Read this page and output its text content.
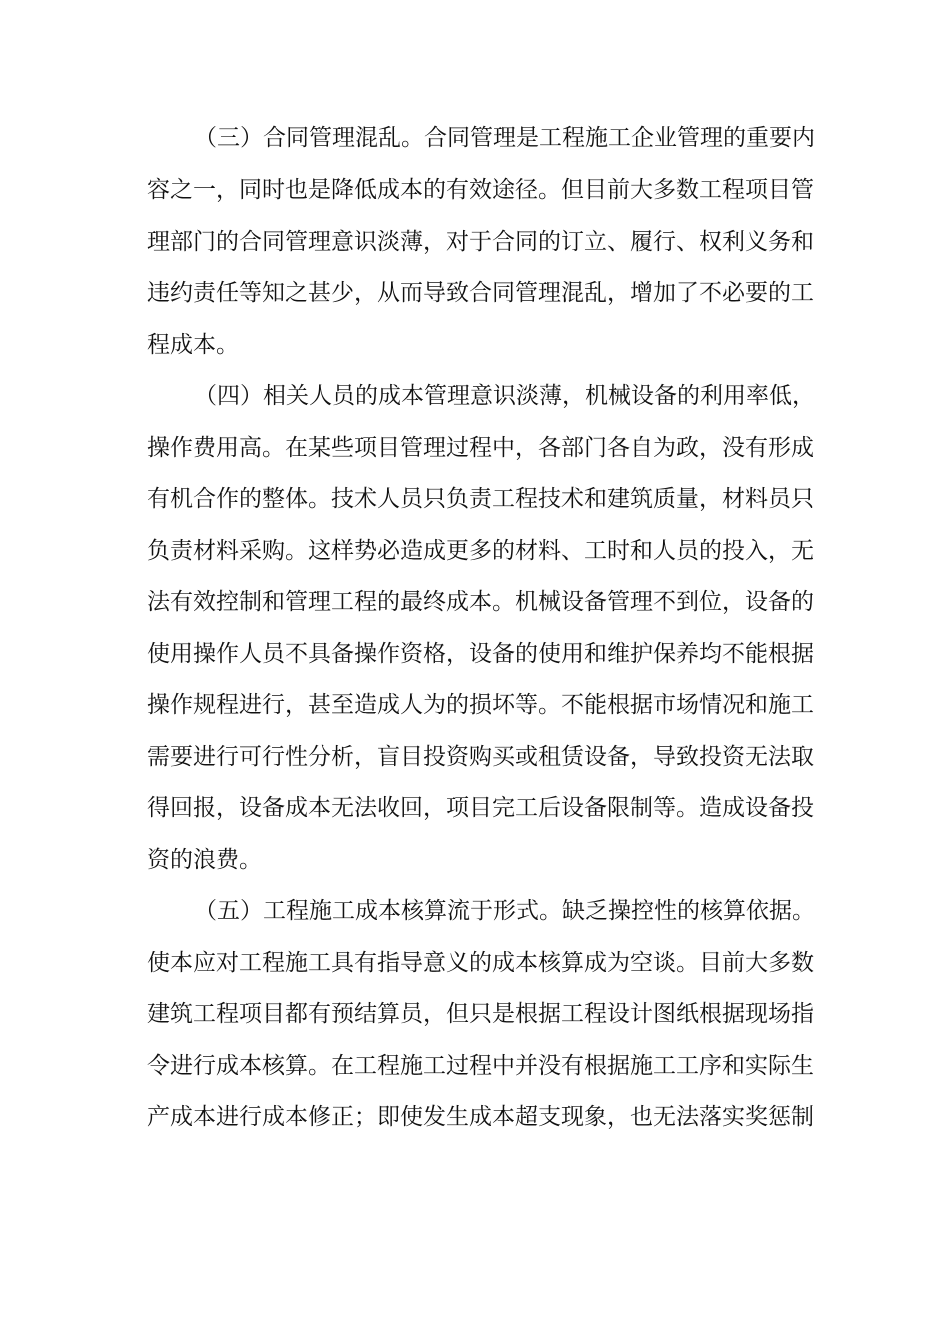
（三）合同管理混乱。合同管理是工程施工企业管理的重要内
容之一，同时也是降低成本的有效途径。但目前大多数工程项目管
理部门的合同管理意识淡薄，对于合同的订立、履行、权利义务和
违约责任等知之甚少，从而导致合同管理混乱，增加了不必要的工
程成本。
（四）相关人员的成本管理意识淡薄，机械设备的利用率低，
操作费用高。在某些项目管理过程中，各部门各自为政，没有形成
有机合作的整体。技术人员只负责工程技术和建筑质量，材料员只
负责材料采购。这样势必造成更多的材料、工时和人员的投入，无
法有效控制和管理工程的最终成本。机械设备管理不到位，设备的
使用操作人员不具备操作资格，设备的使用和维护保养均不能根据
操作规程进行，甚至造成人为的损坏等。不能根据市场情况和施工
需要进行可行性分析，盲目投资购买或租赁设备，导致投资无法取
得回报，设备成本无法收回，项目完工后设备限制等。造成设备投
资的浪费。
（五）工程施工成本核算流于形式。缺乏操控性的核算依据。
使本应对工程施工具有指导意义的成本核算成为空谈。目前大多数
建筑工程项目都有预结算员，但只是根据工程设计图纸根据现场指
令进行成本核算。在工程施工过程中并没有根据施工工序和实际生
产成本进行成本修正；即使发生成本超支现象，也无法落实奖惩制
